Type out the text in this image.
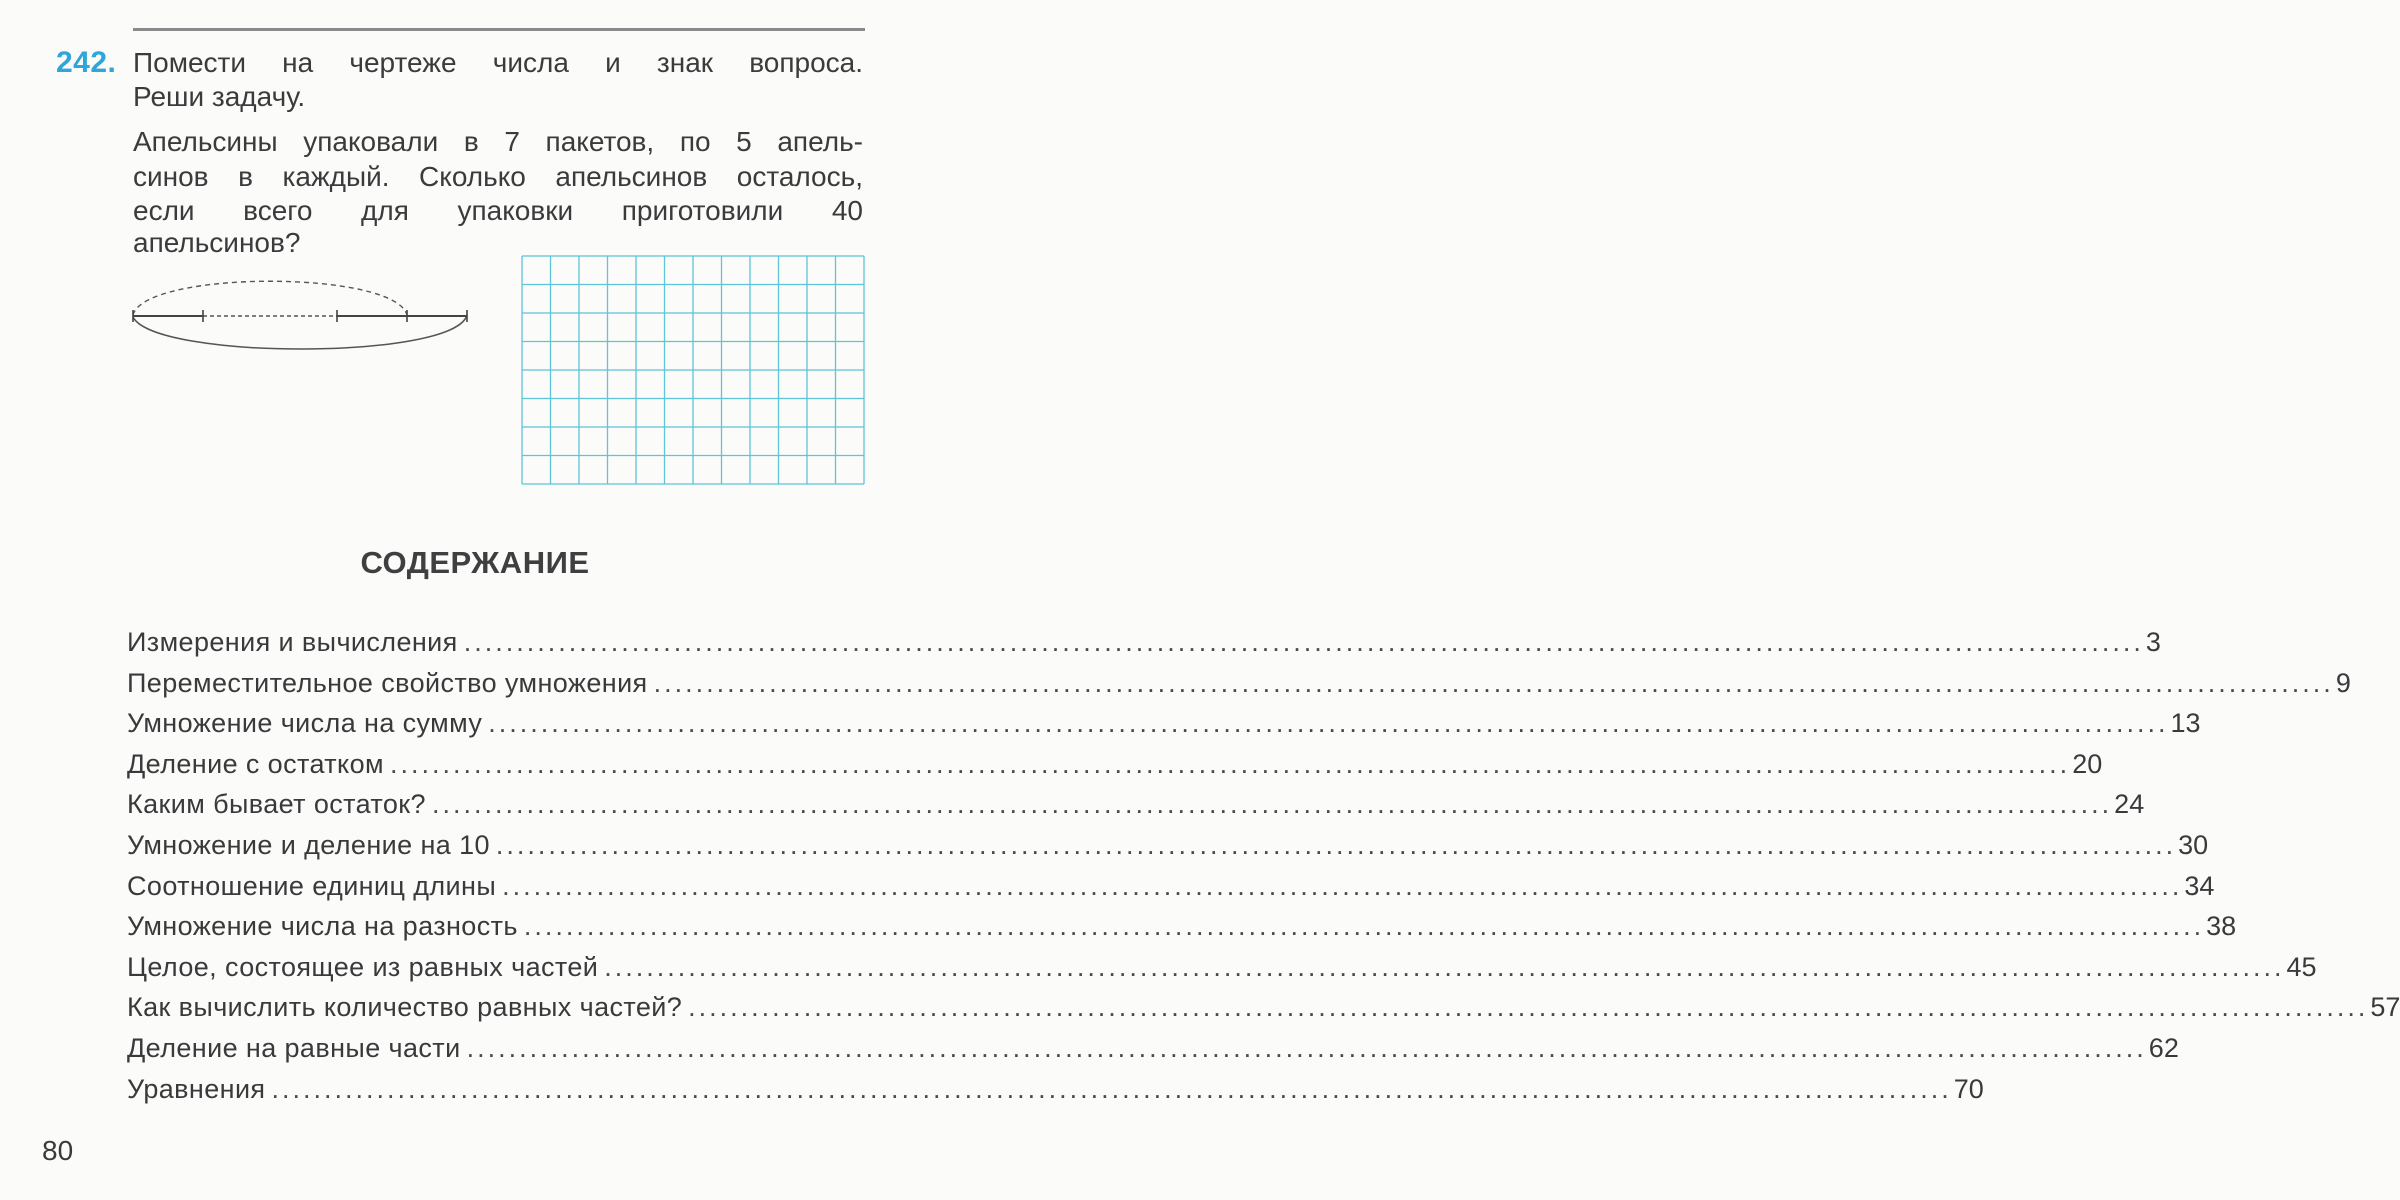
242. Помести на чертеже числа и знак вопроса.
Реши задачу.
Апельсины упаковали в 7 пакетов, по 5 апель-
синов в каждый. Сколько апельсинов осталось,
если всего для упаковки приготовили 40
апельсинов?
СОДЕРЖАНИЕ
Измерения и вычисления ................................................................................................................................................................ 3
Переместительное свойство умножения ................................................................................................................................................................ 9
Умножение числа на сумму ................................................................................................................................................................ 13
Деление с остатком ................................................................................................................................................................ 20
Каким бывает остаток? ................................................................................................................................................................ 24
Умножение и деление на 10 ................................................................................................................................................................ 30
Соотношение единиц длины ................................................................................................................................................................ 34
Умножение числа на разность ................................................................................................................................................................ 38
Целое, состоящее из равных частей ................................................................................................................................................................ 45
Как вычислить количество равных частей? ................................................................................................................................................................ 57
Деление на равные части ................................................................................................................................................................ 62
Уравнения ................................................................................................................................................................ 70
80
